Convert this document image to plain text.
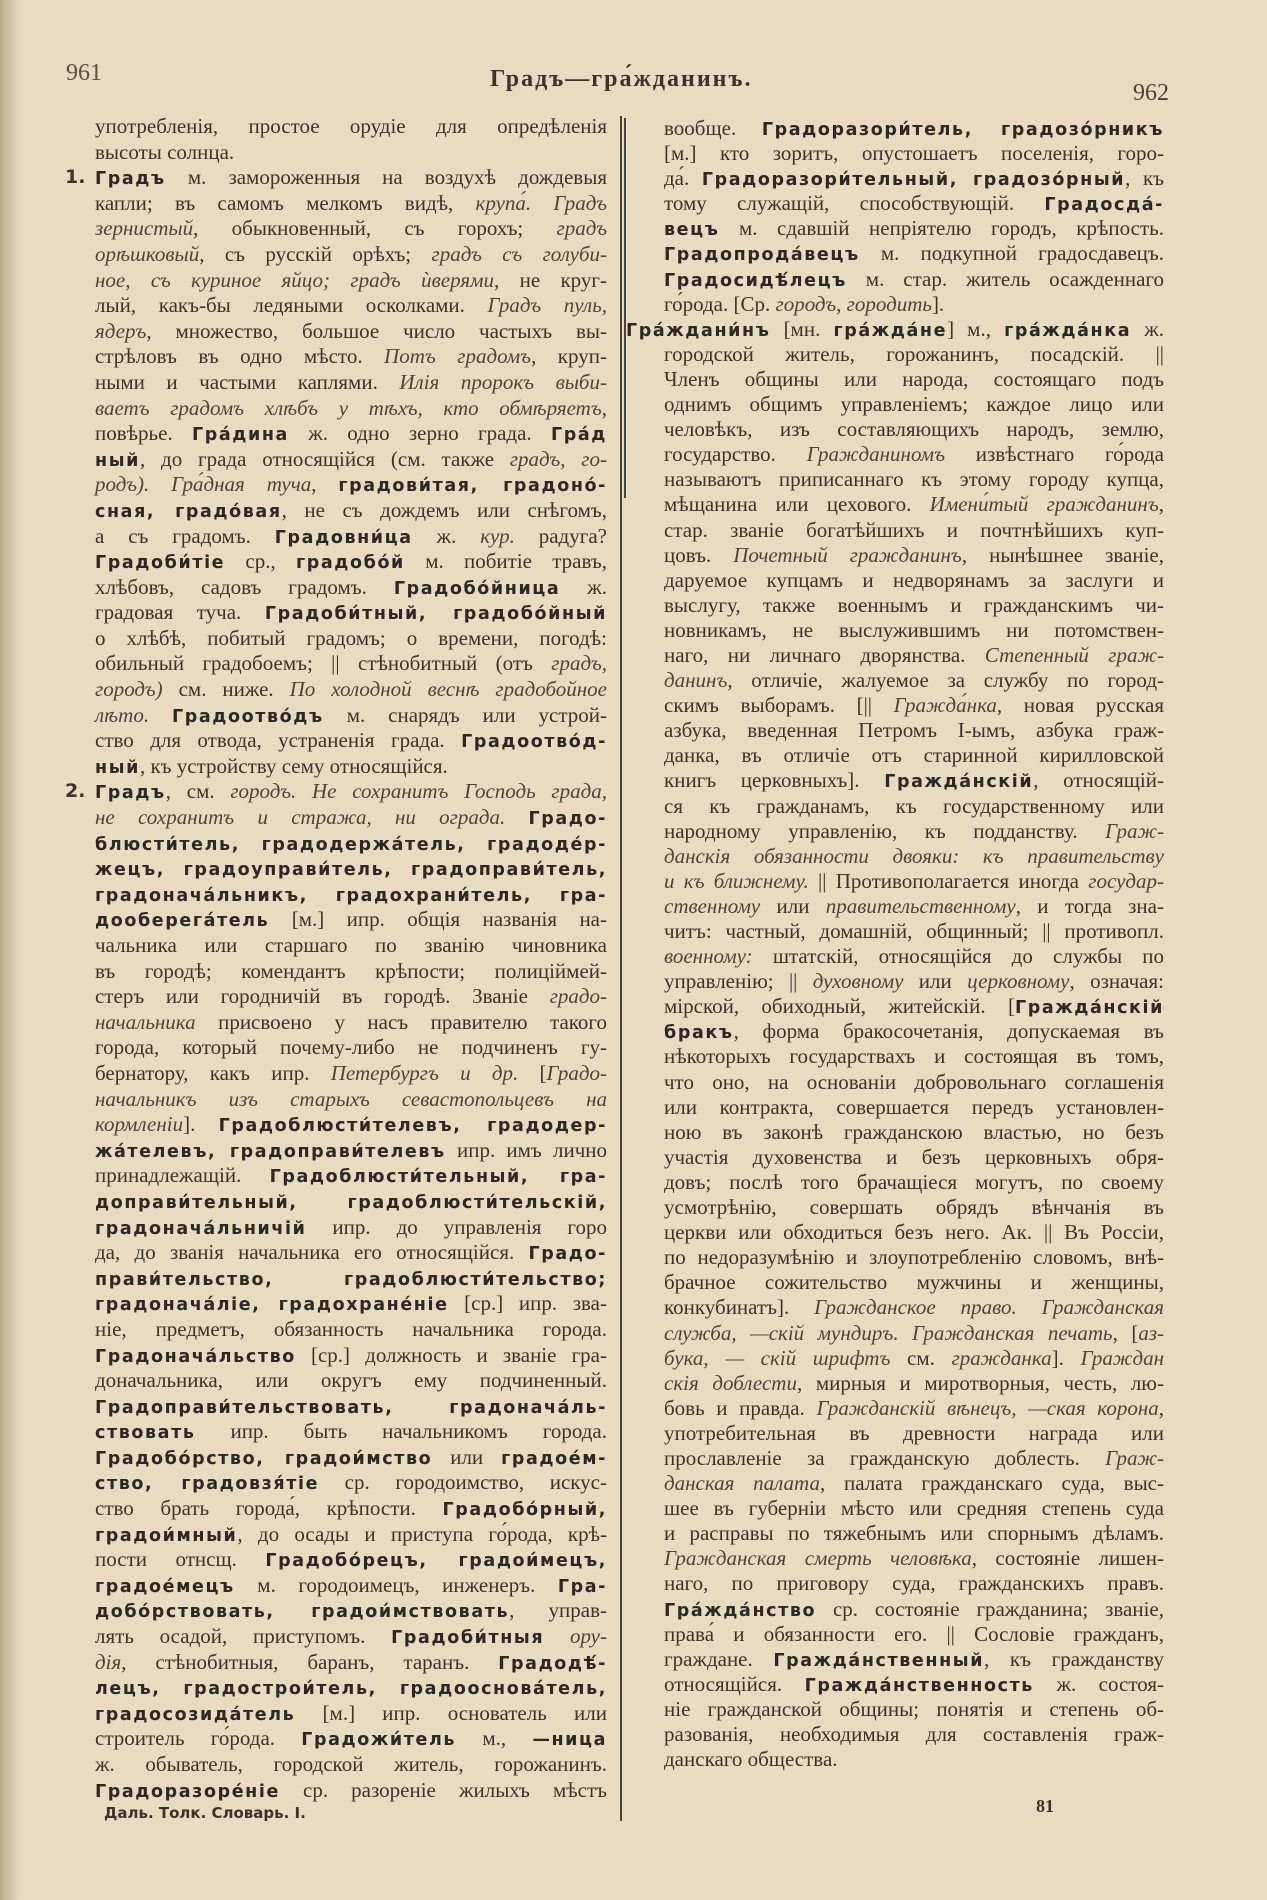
961	Градъ—гра́жданинъ.
962
употребленія, простое орудіе для опредѣленія
высоты солнца.
1. Градъ м. замороженныя на воздухѣ дождевыя
капли; въ самомъ мелкомъ видѣ, крупа́. Градъ
зернистый, обыкновенный, съ горохъ; градъ
орѣшковый, съ русскій орѣхъ; градъ съ голуби-
ное, съ куриное яйцо; градъ ѝверями, не круг-
лый, какъ-бы ледяными осколками. Градъ пуль,
ядеръ, множество, большое число частыхъ вы-
стрѣловъ въ одно мѣсто. Потъ градомъ, круп-
ными и частыми каплями. Илія пророкъ выби-
ваетъ градомъ хлѣбъ у тѣхъ, кто обмѣряетъ,
повѣрье. Гра́дина ж. одно зерно града. Гра́д
ный, до града относящійся (см. также градъ, го-
родъ). Гра́дная туча, градови́тая, градоно́-
сная, градо́вая, не съ дождемъ или снѣгомъ,
а съ градомъ. Градовни́ца ж. кур. радуга?
Градоби́тіе ср., градобо́й м. побитіе травъ,
хлѣбовъ, садовъ градомъ. Градобо́йница ж.
градовая туча. Градоби́тный, градобо́йный
о хлѣбѣ, побитый градомъ; о времени, погодѣ:
обильный градобоемъ; || стѣнобитный (отъ градъ,
городъ) см. ниже. По холодной веснѣ градобойное
лѣто. Градоотво́дъ м. снарядъ или устрой-
ство для отвода, устраненія града. Градоотво́д-
ный, къ устройству сему относящійся.
2. Градъ, см. городъ. Не сохранитъ Господь града,
не сохранитъ и стража, ни ограда. Градо-
блюсти́тель, градодержа́тель, градоде́р-
жецъ, градоуправи́тель, градоправи́тель,
градонача́льникъ, градохрани́тель, гра-
дооберега́тель [м.] ипр. общія названія на-
чальника или старшаго по званію чиновника
въ городѣ; комендантъ крѣпости; полиціймей-
стеръ или городничій въ городѣ. Званіе градо-
начальника присвоено у насъ правителю такого
города, который почему-либо не подчиненъ гу-
бернатору, какъ ипр. Петербургъ и др. [Градо-
начальникъ изъ старыхъ севастопольцевъ на
кормленіи]. Градоблюсти́телевъ, градодер-
жа́телевъ, градоправи́телевъ ипр. имъ лично
принадлежащій. Градоблюсти́тельный, гра-
доправи́тельный, градоблюсти́тельскій,
градонача́льничій ипр. до управленія горо
да, до званія начальника его относящійся. Градо-
прави́тельство, градоблюсти́тельство;
градонача́ліе, градохране́ніе [ср.] ипр. зва-
ніе, предметъ, обязанность начальника города.
Градонача́льство [ср.] должность и званіе гра-
доначальника, или округъ ему подчиненный.
Градоправи́тельствовать, градонача́ль-
ствовать ипр. быть начальникомъ города.
Градобо́рство, градои́мство или градое́м-
ство, градовзя́тіе ср. городоимство, искус-
ство брать города́, крѣпости. Градобо́рный,
градои́мный, до осады и приступа го́рода, крѣ-
пости отнсщ. Градобо́рецъ, градои́мецъ,
градое́мецъ м. городоимецъ, инженеръ. Гра-
добо́рствовать, градои́мствовать, управ-
лять осадой, приступомъ. Градоби́тныя ору-
дія, стѣнобитныя, баранъ, таранъ. Градодѣ́-
лецъ, градострои́тель, градооснова́тель,
градосозида́тель [м.] ипр. основатель или
строитель го́рода. Градожи́тель м., —ница
ж. обыватель, городской житель, горожанинъ.
Градоразоре́ніе ср. разореніе жилыхъ мѣстъ
вообще. Градоразори́тель, градозо́рникъ
[м.] кто зоритъ, опустошаетъ поселенія, горо-
да́. Градоразори́тельный, градозо́рный, къ
тому служащій, способствующій. Градосда́-
вецъ м. сдавшій непріятелю городъ, крѣпость.
Градопрода́вецъ м. подкупной градосдавецъ.
Градосидѣ́лецъ м. стар. житель осажденнаго
го́рода. [Ср. городъ, городить].
Гра́ждани́нъ [мн. гра́жда́не] м., гра́жда́нка ж.
городской житель, горожанинъ, посадскій. ||
Членъ общины или народа, состоящаго подъ
однимъ общимъ управленіемъ; каждое лицо или
человѣкъ, изъ составляющихъ народъ, землю,
государство. Гражданиномъ извѣстнаго го́рода
называютъ приписаннаго къ этому городу купца,
мѣщанина или цехового. Имени́тый гражданинъ,
стар. званіе богатѣйшихъ и почтнѣйшихъ куп-
цовъ. Почетный гражданинъ, нынѣшнее званіе,
даруемое купцамъ и недворянамъ за заслуги и
выслугу, также военнымъ и гражданскимъ чи-
новникамъ, не выслужившимъ ни потомствен-
наго, ни личнаго дворянства. Степенный граж-
данинъ, отличіе, жалуемое за службу по город-
скимъ выборамъ. [|| Гражда́нка, новая русская
азбука, введенная Петромъ I-ымъ, азбука граж-
данка, въ отличіе отъ старинной кирилловской
книгъ церковныхъ]. Гражда́нскій, относящій-
ся къ гражданамъ, къ государственному или
народному управленію, къ подданству. Граж-
данскія обязанности двояки: къ правительству
и къ ближнему. || Противополагается иногда государ-
ственному или правительственному, и тогда зна-
читъ: частный, домашній, общинный; || противопл.
военному: штатскій, относящійся до службы по
управленію; || духовному или церковному, означая:
мірской, обиходный, житейскій. [Гражда́нскій
бракъ, форма бракосочетанія, допускаемая въ
нѣкоторыхъ государствахъ и состоящая въ томъ,
что оно, на основаніи добровольнаго соглашенія
или контракта, совершается передъ установлен-
ною въ законѣ гражданскою властью, но безъ
участія духовенства и безъ церковныхъ обря-
довъ; послѣ того брачащіеся могутъ, по своему
усмотрѣнію, совершать обрядъ вѣнчанія въ
церкви или обходиться безъ него. Ак. || Въ Россіи,
по недоразумѣнію и злоупотребленію словомъ, внѣ-
брачное сожительство мужчины и женщины,
конкубинатъ]. Гражданское право. Гражданская
служба, —скій мундиръ. Гражданская печать, [аз-
бука, — скій шрифтъ см. гражданка]. Граждан
скія доблести, мирныя и миротворныя, честь, лю-
бовь и правда. Гражданскій вѣнецъ, —ская корона,
употребительная въ древности награда или
прославленіе за гражданскую доблесть. Граж-
данская палата, палата гражданскаго суда, выс-
шее въ губерніи мѣсто или средняя степень суда
и расправы по тяжебнымъ или спорнымъ дѣламъ.
Гражданская смерть человѣка, состояніе лишен-
наго, по приговору суда, гражданскихъ правъ.
Гра́жда́нство ср. состояніе гражданина; званіе,
права́ и обязанности его. || Сословіе гражданъ,
граждане. Гражда́нственный, къ гражданству
относящійся. Гражда́нственность ж. состоя-
ніе гражданской общины; понятія и степень об-
разованія, необходимыя для составленія граж-
данскаго общества.
Даль. Толк. Словарь. I.	81
